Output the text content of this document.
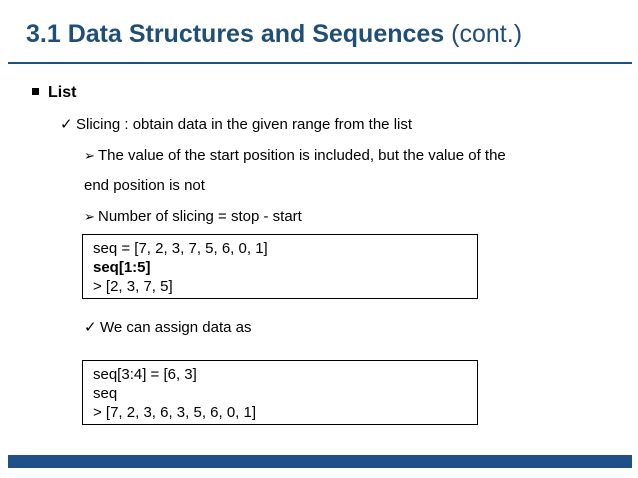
3.1 Data Structures and Sequences (cont.)
List
✓ Slicing : obtain data in the given range from the list
➢ The value of the start position is included, but the value of the
end position is not
➢ Number of slicing = stop - start
seq = [7, 2, 3, 7, 5, 6, 0, 1]
seq[1:5]
> [2, 3, 7, 5]
✓ We can assign data as
seq[3:4] = [6, 3]
seq
> [7, 2, 3, 6, 3, 5, 6, 0, 1]
